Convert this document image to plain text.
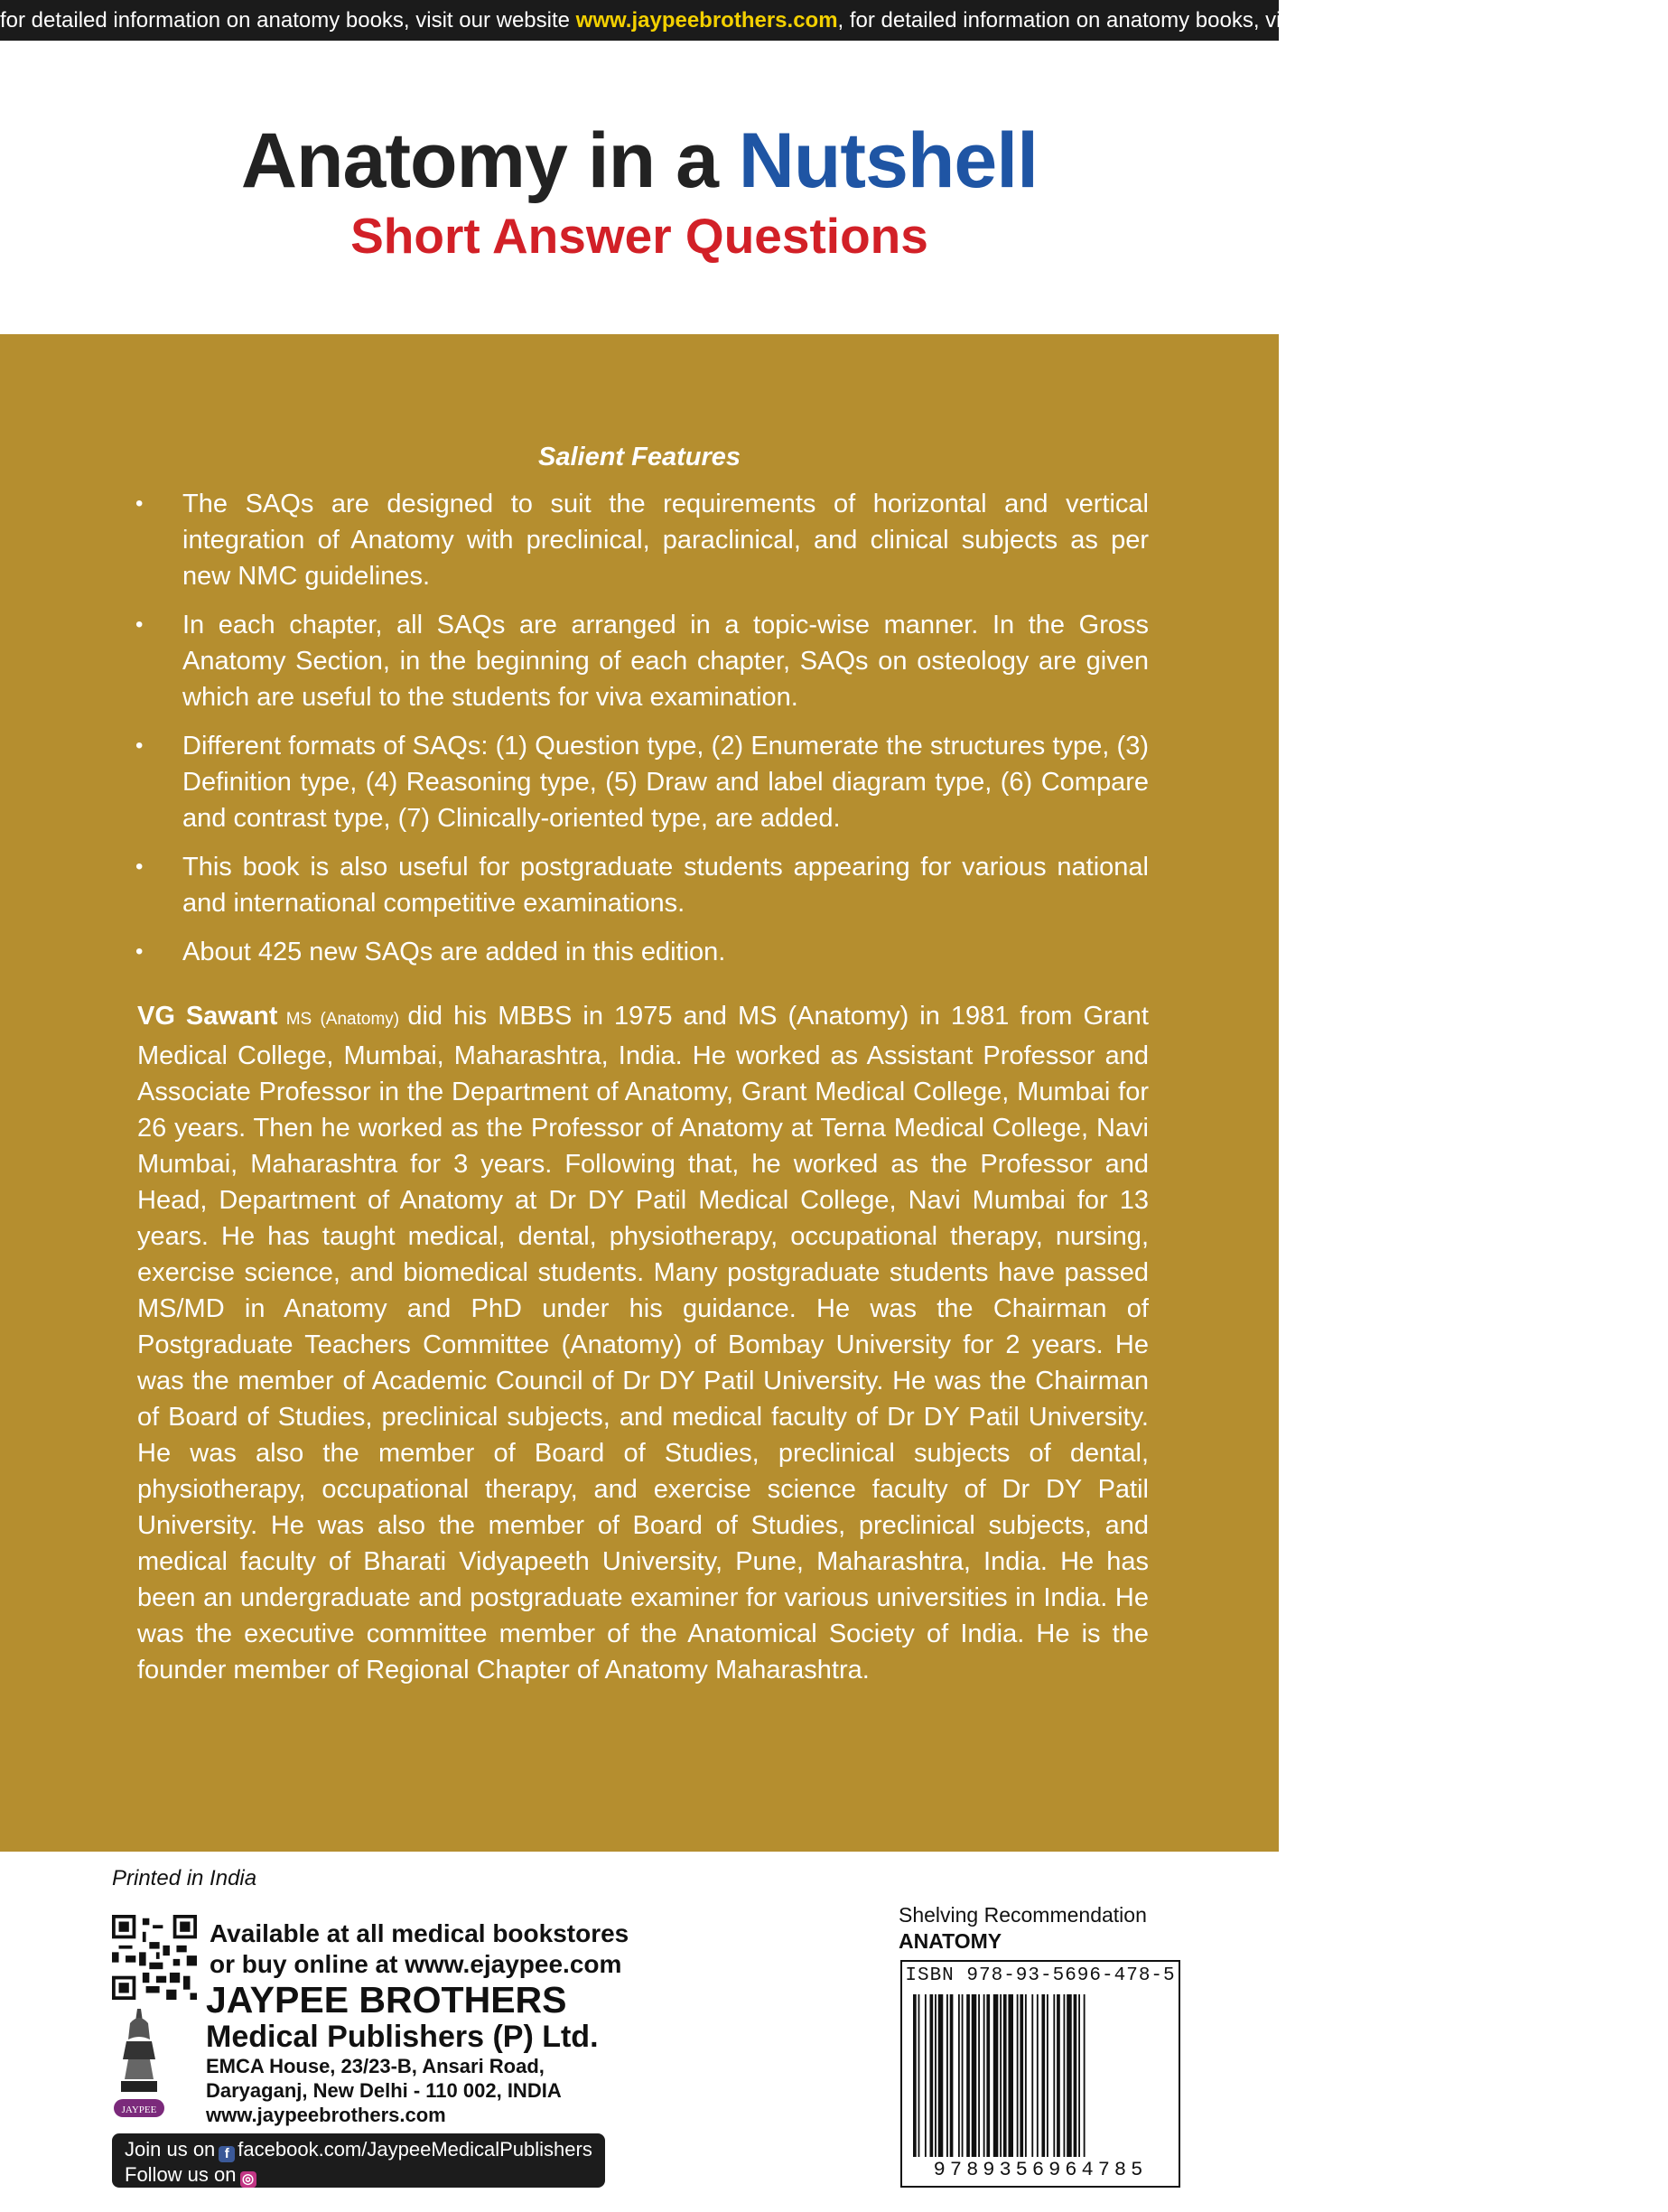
for detailed information on anatomy books, visit our website www.jaypeebrothers.com, for detailed information on anatomy books, visit our website www.jaypeebrothers.com
Anatomy in a Nutshell
Short Answer Questions
Salient Features
• The SAQs are designed to suit the requirements of horizontal and vertical integration of Anatomy with preclinical, paraclinical, and clinical subjects as per new NMC guidelines.
• In each chapter, all SAQs are arranged in a topic-wise manner. In the Gross Anatomy Section, in the beginning of each chapter, SAQs on osteology are given which are useful to the students for viva examination.
• Different formats of SAQs: (1) Question type, (2) Enumerate the structures type, (3) Definition type, (4) Reasoning type, (5) Draw and label diagram type, (6) Compare and contrast type, (7) Clinically-oriented type, are added.
• This book is also useful for postgraduate students appearing for various national and international competitive examinations.
• About 425 new SAQs are added in this edition.

VG Sawant MS (Anatomy) did his MBBS in 1975 and MS (Anatomy) in 1981 from Grant Medical College, Mumbai, Maharashtra, India. He worked as Assistant Professor and Associate Professor in the Department of Anatomy, Grant Medical College, Mumbai for 26 years. Then he worked as the Professor of Anatomy at Terna Medical College, Navi Mumbai, Maharashtra for 3 years. Following that, he worked as the Professor and Head, Department of Anatomy at Dr DY Patil Medical College, Navi Mumbai for 13 years. He has taught medical, dental, physiotherapy, occupational therapy, nursing, exercise science, and biomedical students. Many postgraduate students have passed MS/MD in Anatomy and PhD under his guidance. He was the Chairman of Postgraduate Teachers Committee (Anatomy) of Bombay University for 2 years. He was the member of Academic Council of Dr DY Patil University. He was the Chairman of Board of Studies, preclinical subjects, and medical faculty of Dr DY Patil University. He was also the member of Board of Studies, preclinical subjects of dental, physiotherapy, occupational therapy, and exercise science faculty of Dr DY Patil University. He was also the member of Board of Studies, preclinical subjects, and medical faculty of Bharati Vidyapeeth University, Pune, Maharashtra, India. He has been an undergraduate and postgraduate examiner for various universities in India. He was the executive committee member of the Anatomical Society of India. He is the founder member of Regional Chapter of Anatomy Maharashtra.

Printed in India
Available at all medical bookstores
or buy online at www.ejaypee.com
JAYPEE
JAYPEE BROTHERS
Medical Publishers (P) Ltd.
EMCA House, 23/23-B, Ansari Road,
Daryaganj, New Delhi - 110 002, INDIA
www.jaypeebrothers.com
Join us on f facebook.com/JaypeeMedicalPublishers
Follow us on ◎instagram.com/JaypeeMedicalPublishers
Shelving Recommendation
ANATOMY
ISBN 978-93-5696-478-5
9789356964785
